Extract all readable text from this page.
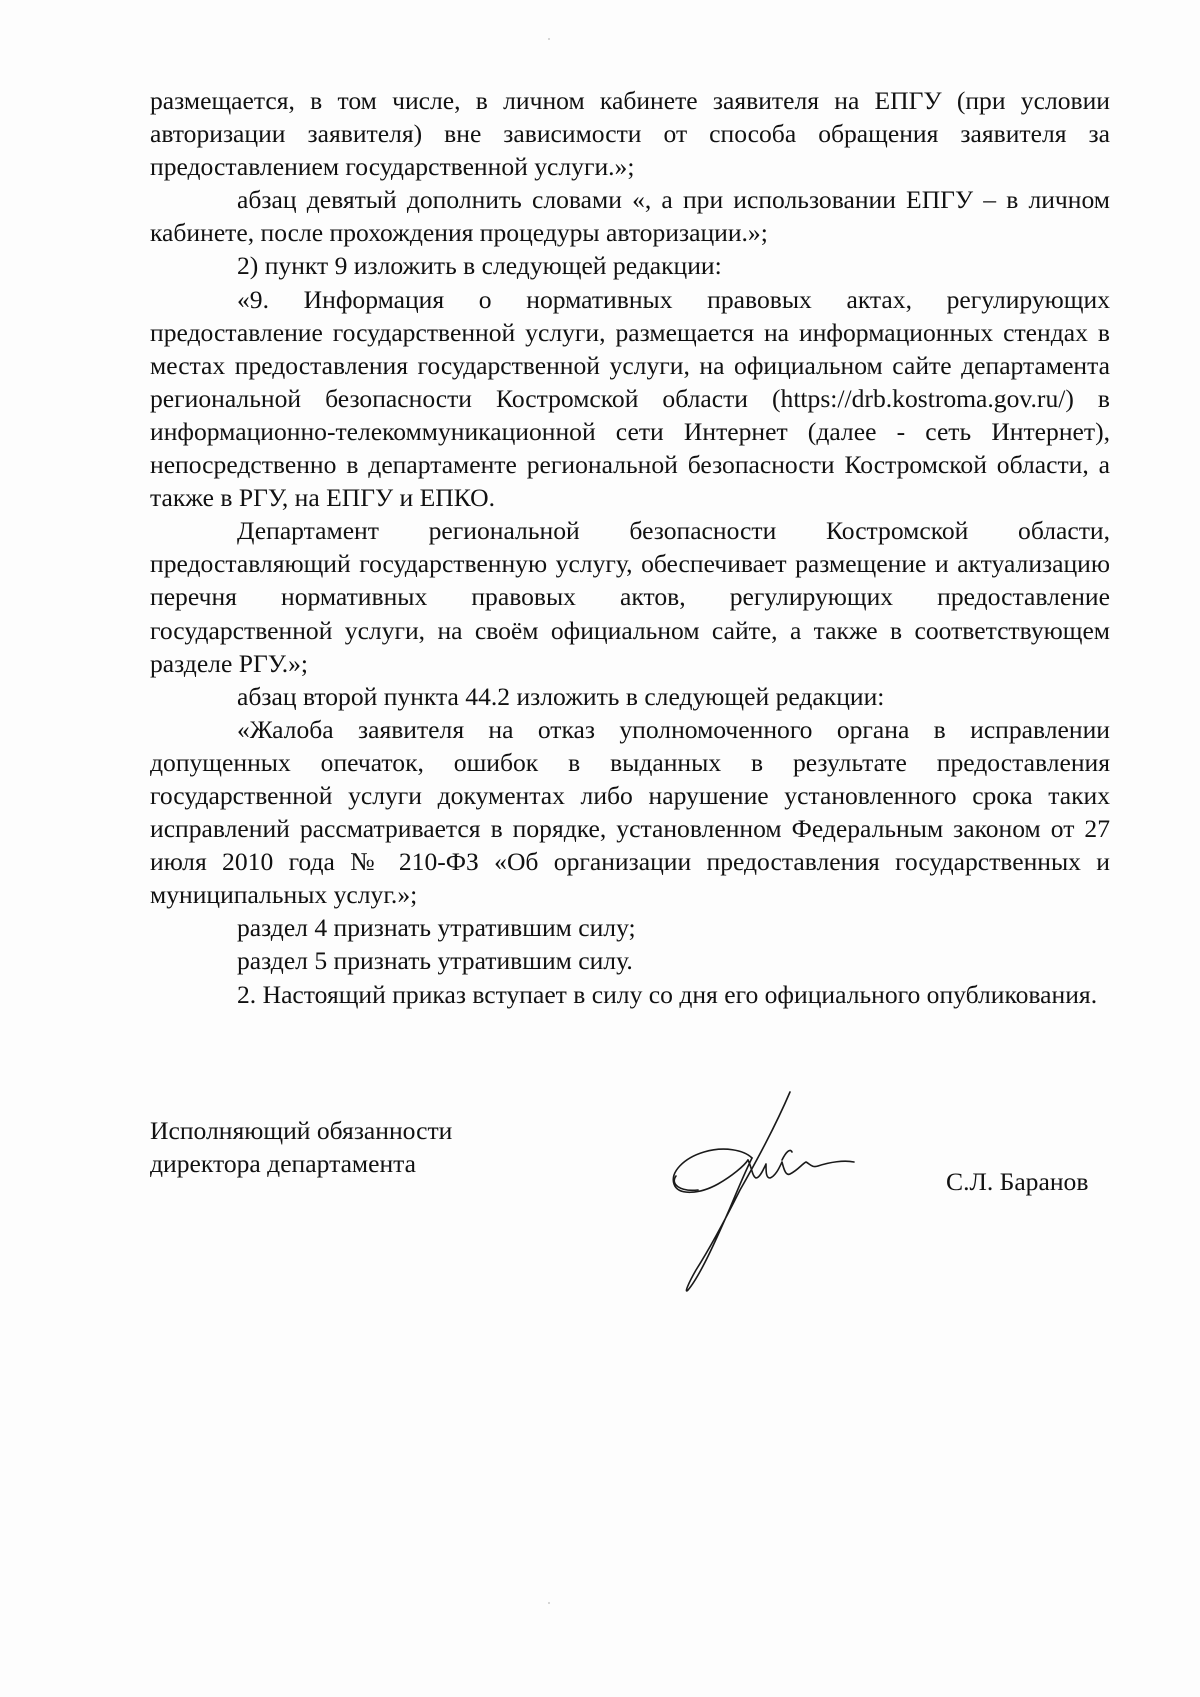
размещается, в том числе, в личном кабинете заявителя на ЕПГУ (при условии авторизации заявителя) вне зависимости от способа обращения заявителя за предоставлением государственной услуги.»;

абзац девятый дополнить словами «, а при использовании ЕПГУ – в личном кабинете, после прохождения процедуры авторизации.»;

2) пункт 9 изложить в следующей редакции:

«9. Информация о нормативных правовых актах, регулирующих предоставление государственной услуги, размещается на информационных стендах в местах предоставления государственной услуги, на официальном сайте департамента региональной безопасности Костромской области (https://drb.kostroma.gov.ru/) в информационно-телекоммуникационной сети Интернет (далее - сеть Интернет), непосредственно в департаменте региональной безопасности Костромской области, а также в РГУ, на ЕПГУ и ЕПКО.

Департамент региональной безопасности Костромской области, предоставляющий государственную услугу, обеспечивает размещение и актуализацию перечня нормативных правовых актов, регулирующих предоставление государственной услуги, на своём официальном сайте, а также в соответствующем разделе РГУ.»;

абзац второй пункта 44.2 изложить в следующей редакции:

«Жалоба заявителя на отказ уполномоченного органа в исправлении допущенных опечаток, ошибок в выданных в результате предоставления государственной услуги документах либо нарушение установленного срока таких исправлений рассматривается в порядке, установленном Федеральным законом от 27 июля 2010 года № 210-ФЗ «Об организации предоставления государственных и муниципальных услуг.»;

раздел 4 признать утратившим силу;

раздел 5 признать утратившим силу.

2. Настоящий приказ вступает в силу со дня его официального опубликования.

Исполняющий обязанности
директора департамента
С.Л. Баранов
